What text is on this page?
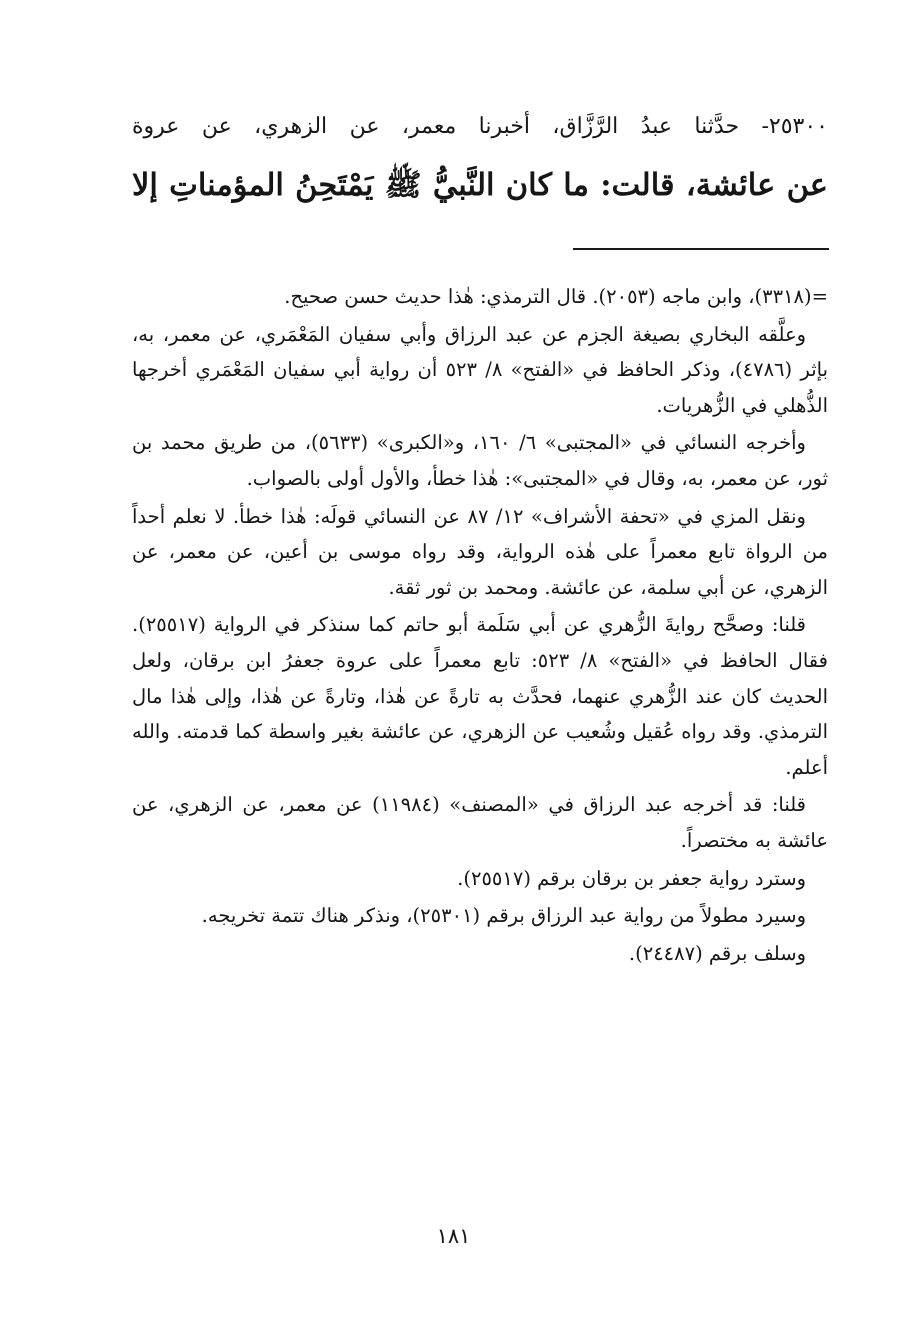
٢٥٣٠٠- حدَّثنا عبدُ الرَّزَّاق، أخبرنا معمر، عن الزهري، عن عروة
عن عائشة، قالت: ما كان النَّبيُّ ﷺ يَمْتَحِنُ المؤمناتِ إلا

=(٣٣١٨)، وابن ماجه (٢٠٥٣). قال الترمذي: هٰذا حديث حسن صحيح.

وعلَّقه البخاري بصيغة الجزم عن عبد الرزاق وأبي سفيان المَعْمَري، عن معمر، به، بإثر (٤٧٨٦)، وذكر الحافظ في «الفتح» ٨/ ٥٢٣ أن رواية أبي سفيان المَعْمَري أخرجها الذُّهلي في الزُّهريات.

وأخرجه النسائي في «المجتبى» ٦/ ١٦٠، و«الكبرى» (٥٦٣٣)، من طريق محمد بن ثور، عن معمر، به، وقال في «المجتبى»: هٰذا خطأ، والأول أولى بالصواب.

ونقل المزي في «تحفة الأشراف» ١٢/ ٨٧ عن النسائي قولَه: هٰذا خطأ. لا نعلم أحداً من الرواة تابع معمراً على هٰذه الرواية، وقد رواه موسى بن أعين، عن معمر، عن الزهري، عن أبي سلمة، عن عائشة. ومحمد بن ثور ثقة.

قلنا: وصحَّح روايةَ الزُّهري عن أبي سَلَمة أبو حاتم كما سنذكر في الرواية (٢٥٥١٧). فقال الحافظ في «الفتح» ٨/ ٥٢٣: تابع معمراً على عروة جعفرُ ابن برقان، ولعل الحديث كان عند الزُّهري عنهما، فحدَّث به تارةً عن هٰذا، وتارةً عن هٰذا، وإلى هٰذا مال الترمذي. وقد رواه عُقيل وشُعيب عن الزهري، عن عائشة بغير واسطة كما قدمته. والله أعلم.

قلنا: قد أخرجه عبد الرزاق في «المصنف» (١١٩٨٤) عن معمر، عن الزهري، عن عائشة به مختصراً.

وسترد رواية جعفر بن برقان برقم (٢٥٥١٧).

وسيرد مطولاً من رواية عبد الرزاق برقم (٢٥٣٠١)، ونذكر هناك تتمة تخريجه.

وسلف برقم (٢٤٤٨٧).

١٨١
